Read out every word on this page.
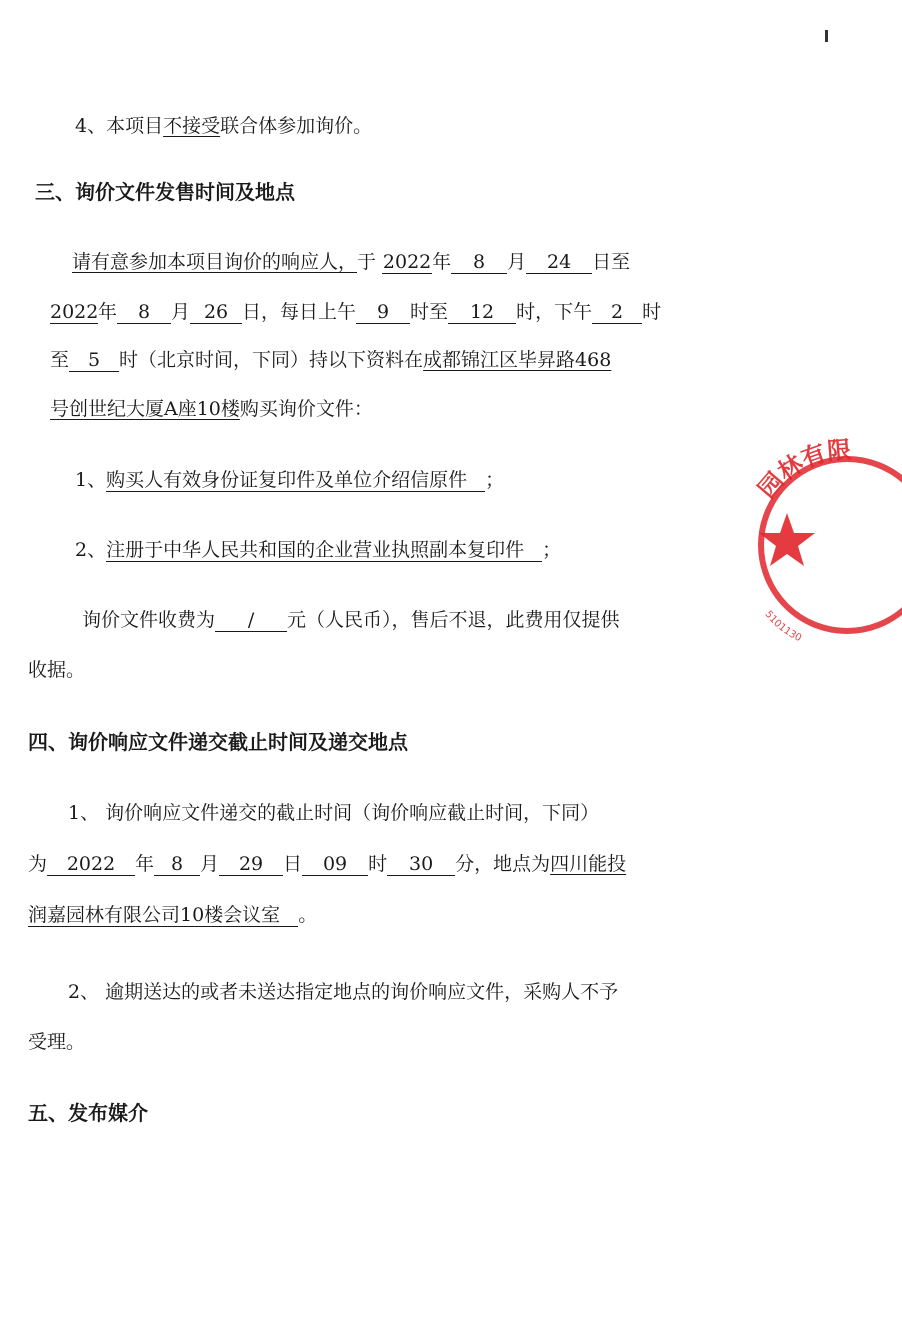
4、本项目不接受联合体参加询价。
三、询价文件发售时间及地点
请有意参加本项目询价的响应人，于 2022年 8 月 24 日至
2022年 8 月 26 日，每日上午 9 时至 12 时，下午 2 时
至 5 时（北京时间，下同）持以下资料在成都锦江区毕昇路468
号创世纪大厦A座10楼购买询价文件：
1、购买人有效身份证复印件及单位介绍信原件 ；
2、注册于中华人民共和国的企业营业执照副本复印件 ；
询价文件收费为 / 元（人民币），售后不退，此费用仅提供
收据。
四、询价响应文件递交截止时间及递交地点
1、 询价响应文件递交的截止时间（询价响应截止时间，下同）
为 2022 年 8 月 29 日 09 时 30 分，地点为四川能投
润嘉园林有限公司10楼会议室 。
2、 逾期送达的或者未送达指定地点的询价响应文件，采购人不予
受理。
五、发布媒介
园林有限
5101130
